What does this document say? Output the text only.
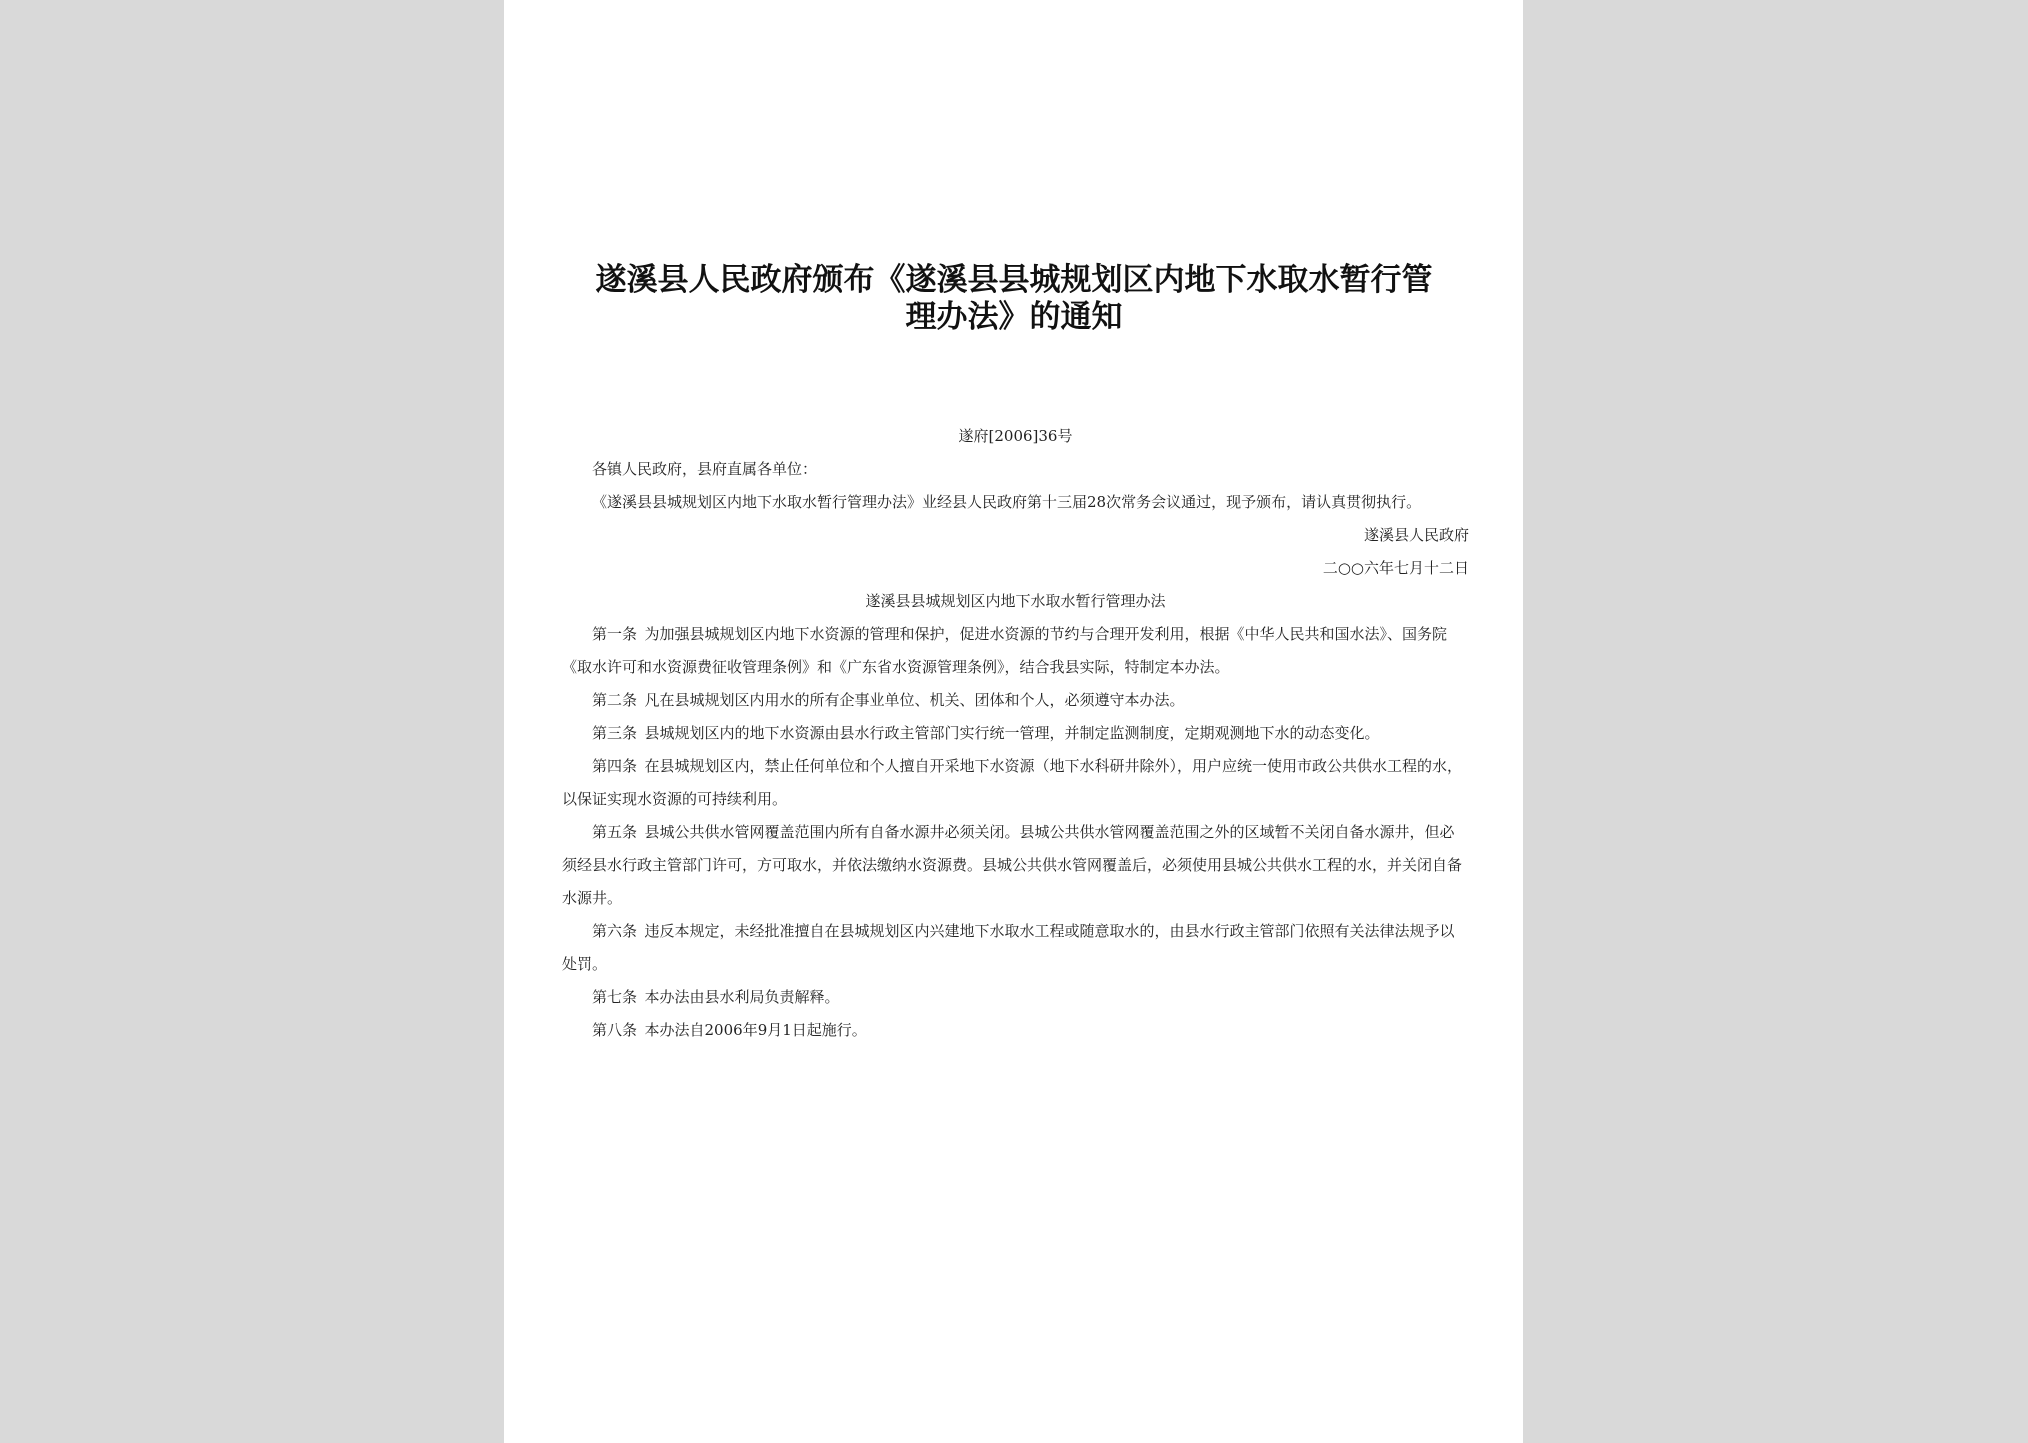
遂溪县人民政府颁布《遂溪县县城规划区内地下水取水暂行管理办法》的通知

遂府[2006]36号

各镇人民政府，县府直属各单位：

《遂溪县县城规划区内地下水取水暂行管理办法》业经县人民政府第十三届28次常务会议通过，现予颁布，请认真贯彻执行。

遂溪县人民政府

二○○六年七月十二日

遂溪县县城规划区内地下水取水暂行管理办法

第一条 为加强县城规划区内地下水资源的管理和保护，促进水资源的节约与合理开发利用，根据《中华人民共和国水法》、国务院《取水许可和水资源费征收管理条例》和《广东省水资源管理条例》，结合我县实际，特制定本办法。

第二条 凡在县城规划区内用水的所有企事业单位、机关、团体和个人，必须遵守本办法。

第三条 县城规划区内的地下水资源由县水行政主管部门实行统一管理，并制定监测制度，定期观测地下水的动态变化。

第四条 在县城规划区内，禁止任何单位和个人擅自开采地下水资源（地下水科研井除外），用户应统一使用市政公共供水工程的水，以保证实现水资源的可持续利用。

第五条 县城公共供水管网覆盖范围内所有自备水源井必须关闭。县城公共供水管网覆盖范围之外的区域暂不关闭自备水源井，但必须经县水行政主管部门许可，方可取水，并依法缴纳水资源费。县城公共供水管网覆盖后，必须使用县城公共供水工程的水，并关闭自备水源井。

第六条 违反本规定，未经批准擅自在县城规划区内兴建地下水取水工程或随意取水的，由县水行政主管部门依照有关法律法规予以处罚。

第七条 本办法由县水利局负责解释。

第八条 本办法自2006年9月1日起施行。
